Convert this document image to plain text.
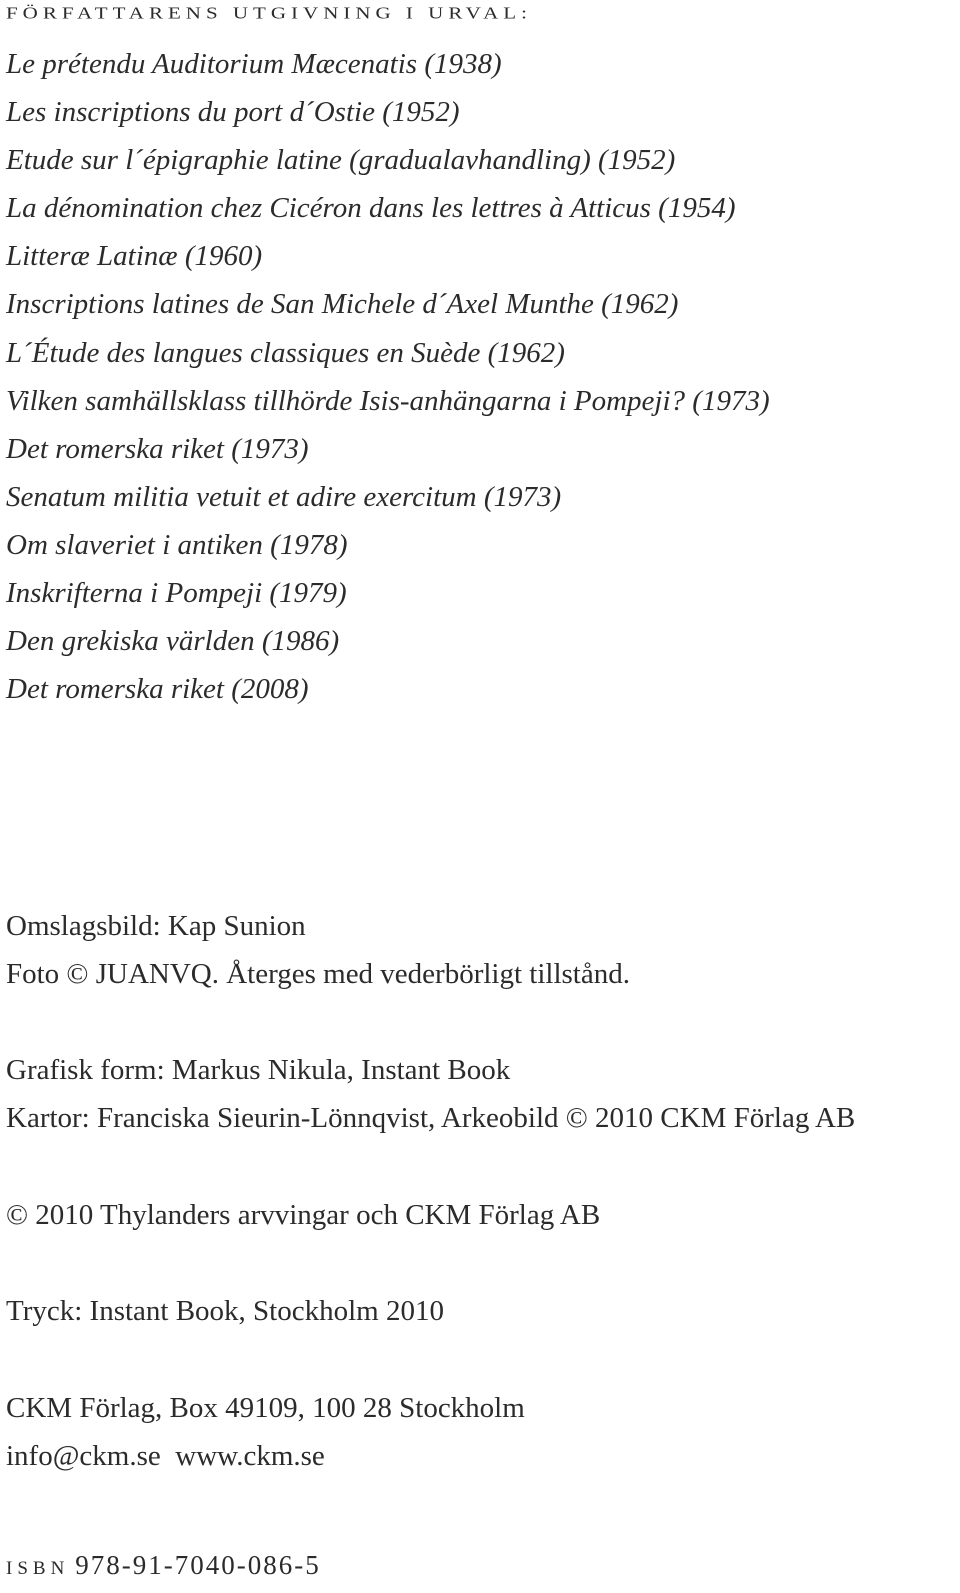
FÖRFATTARENS UTGIVNING I URVAL:
Le prétendu Auditorium Mæcenatis (1938)
Les inscriptions du port d´Ostie (1952)
Etude sur l´épigraphie latine (gradualavhandling) (1952)
La dénomination chez Cicéron dans les lettres à Atticus (1954)
Litteræ Latinæ (1960)
Inscriptions latines de San Michele d´Axel Munthe (1962)
L´Étude des langues classiques en Suède (1962)
Vilken samhällsklass tillhörde Isis-anhängarna i Pompeji? (1973)
Det romerska riket (1973)
Senatum militia vetuit et adire exercitum (1973)
Om slaveriet i antiken (1978)
Inskrifterna i Pompeji (1979)
Den grekiska världen (1986)
Det romerska riket (2008)
Omslagsbild: Kap Sunion
Foto © JUANVQ. Återges med vederbörligt tillstånd.
Grafisk form: Markus Nikula, Instant Book
Kartor: Franciska Sieurin-Lönnqvist, Arkeobild © 2010 CKM Förlag AB
© 2010 Thylanders arvvingar och CKM Förlag AB
Tryck: Instant Book, Stockholm 2010
CKM Förlag, Box 49109, 100 28 Stockholm
info@ckm.se  www.ckm.se
ISBN 978-91-7040-086-5
